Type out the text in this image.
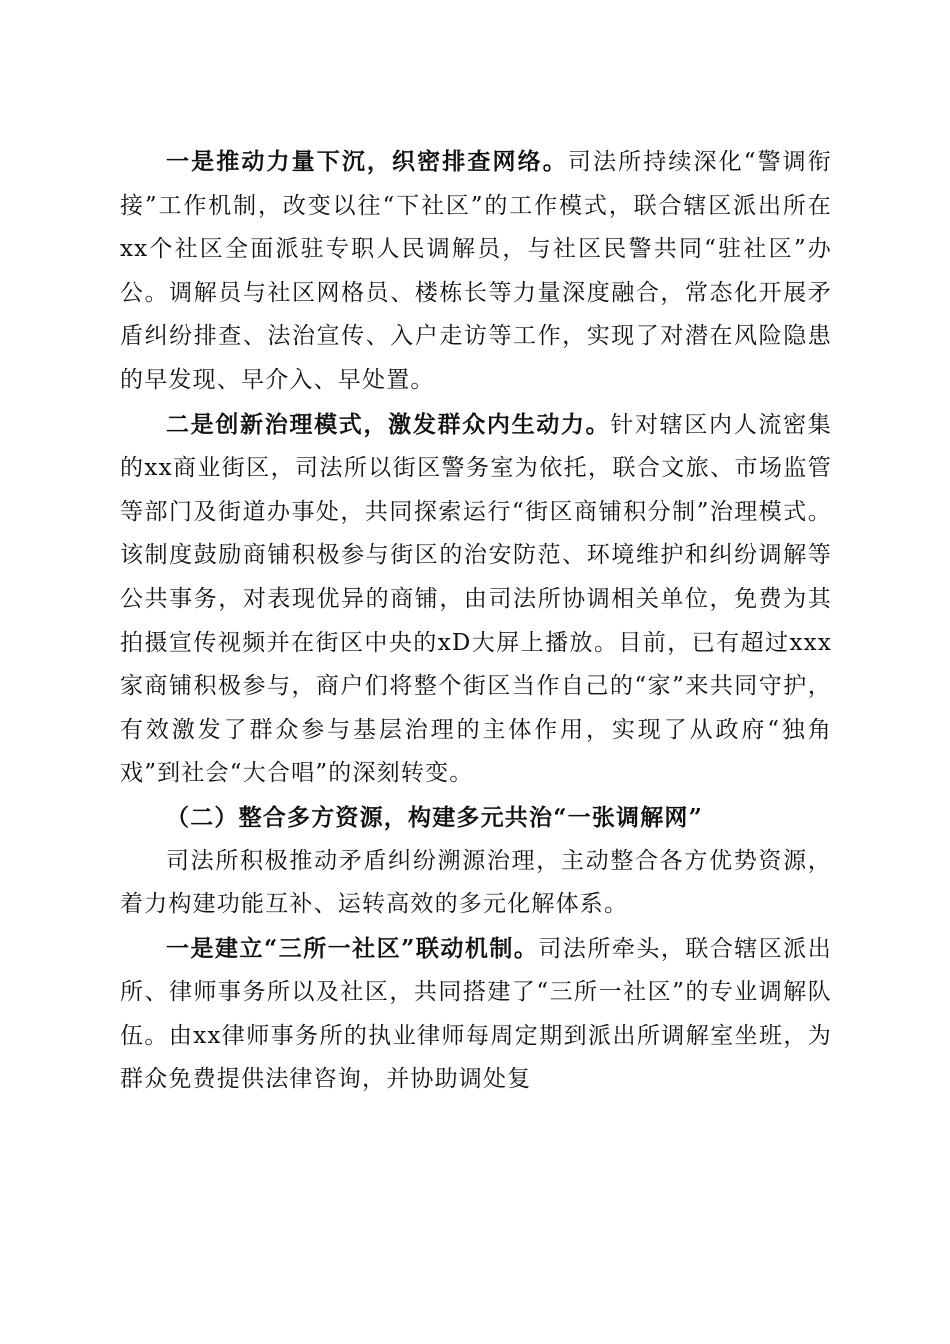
一是推动力量下沉，织密排查网络。司法所持续深化“警调衔接”工作机制，改变以往“下社区”的工作模式，联合辖区派出所在xx个社区全面派驻专职人民调解员，与社区民警共同“驻社区”办公。调解员与社区网格员、楼栋长等力量深度融合，常态化开展矛盾纠纷排查、法治宣传、入户走访等工作，实现了对潜在风险隐患的早发现、早介入、早处置。

二是创新治理模式，激发群众内生动力。针对辖区内人流密集的xx商业街区，司法所以街区警务室为依托，联合文旅、市场监管等部门及街道办事处，共同探索运行“街区商铺积分制”治理模式。该制度鼓励商铺积极参与街区的治安防范、环境维护和纠纷调解等公共事务，对表现优异的商铺，由司法所协调相关单位，免费为其拍摄宣传视频并在街区中央的xD大屏上播放。目前，已有超过xxx家商铺积极参与，商户们将整个街区当作自己的“家”来共同守护，有效激发了群众参与基层治理的主体作用，实现了从政府“独角戏”到社会“大合唱”的深刻转变。

（二）整合多方资源，构建多元共治“一张调解网”

司法所积极推动矛盾纠纷溯源治理，主动整合各方优势资源，着力构建功能互补、运转高效的多元化解体系。

一是建立“三所一社区”联动机制。司法所牵头，联合辖区派出所、律师事务所以及社区，共同搭建了“三所一社区”的专业调解队伍。由xx律师事务所的执业律师每周定期到派出所调解室坐班，为群众免费提供法律咨询，并协助调处复
